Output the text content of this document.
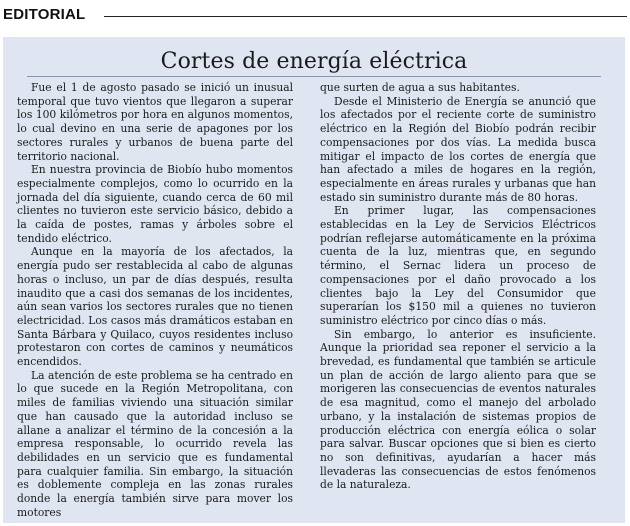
EDITORIAL
Cortes de energía eléctrica

Fue el 1 de agosto pasado se inició un inusual temporal que tuvo vientos que llegaron a superar los 100 kilómetros por hora en algunos momentos, lo cual devino en una serie de apagones por los sectores rurales y urbanos de buena parte del territorio nacional.

En nuestra provincia de Biobío hubo momentos especialmente complejos, como lo ocurrido en la jornada del día siguiente, cuando cerca de 60 mil clientes no tuvieron este servicio básico, debido a la caída de postes, ramas y árboles sobre el tendido eléctrico.

Aunque en la mayoría de los afectados, la energía pudo ser restablecida al cabo de algunas horas o incluso, un par de días después, resulta inaudito que a casi dos semanas de los incidentes, aún sean varios los sectores rurales que no tienen electricidad. Los casos más dramáticos estaban en Santa Bárbara y Quilaco, cuyos residentes incluso protestaron con cortes de caminos y neumáticos encendidos.

La atención de este problema se ha centrado en lo que sucede en la Región Metropolitana, con miles de familias viviendo una situación similar que han causado que la autoridad incluso se allane a analizar el término de la concesión a la empresa responsable, lo ocurrido revela las debilidades en un servicio que es fundamental para cualquier familia. Sin embargo, la situación es doblemente compleja en las zonas rurales donde la energía también sirve para mover los motores

que surten de agua a sus habitantes.

Desde el Ministerio de Energía se anunció que los afectados por el reciente corte de suministro eléctrico en la Región del Biobío podrán recibir compensaciones por dos vías. La medida busca mitigar el impacto de los cortes de energía que han afectado a miles de hogares en la región, especialmente en áreas rurales y urbanas que han estado sin suministro durante más de 80 horas.

En primer lugar, las compensaciones establecidas en la Ley de Servicios Eléctricos podrían reflejarse automáticamente en la próxima cuenta de la luz, mientras que, en segundo término, el Sernac lidera un proceso de compensaciones por el daño provocado a los clientes bajo la Ley del Consumidor que superarían los $150 mil a quienes no tuvieron suministro eléctrico por cinco días o más.

Sin embargo, lo anterior es insuficiente. Aunque la prioridad sea reponer el servicio a la brevedad, es fundamental que también se articule un plan de acción de largo aliento para que se morigeren las consecuencias de eventos naturales de esa magnitud, como el manejo del arbolado urbano, y la instalación de sistemas propios de producción eléctrica con energía eólica o solar para salvar. Buscar opciones que si bien es cierto no son definitivas, ayudarían a hacer más llevaderas las consecuencias de estos fenómenos de la naturaleza.
